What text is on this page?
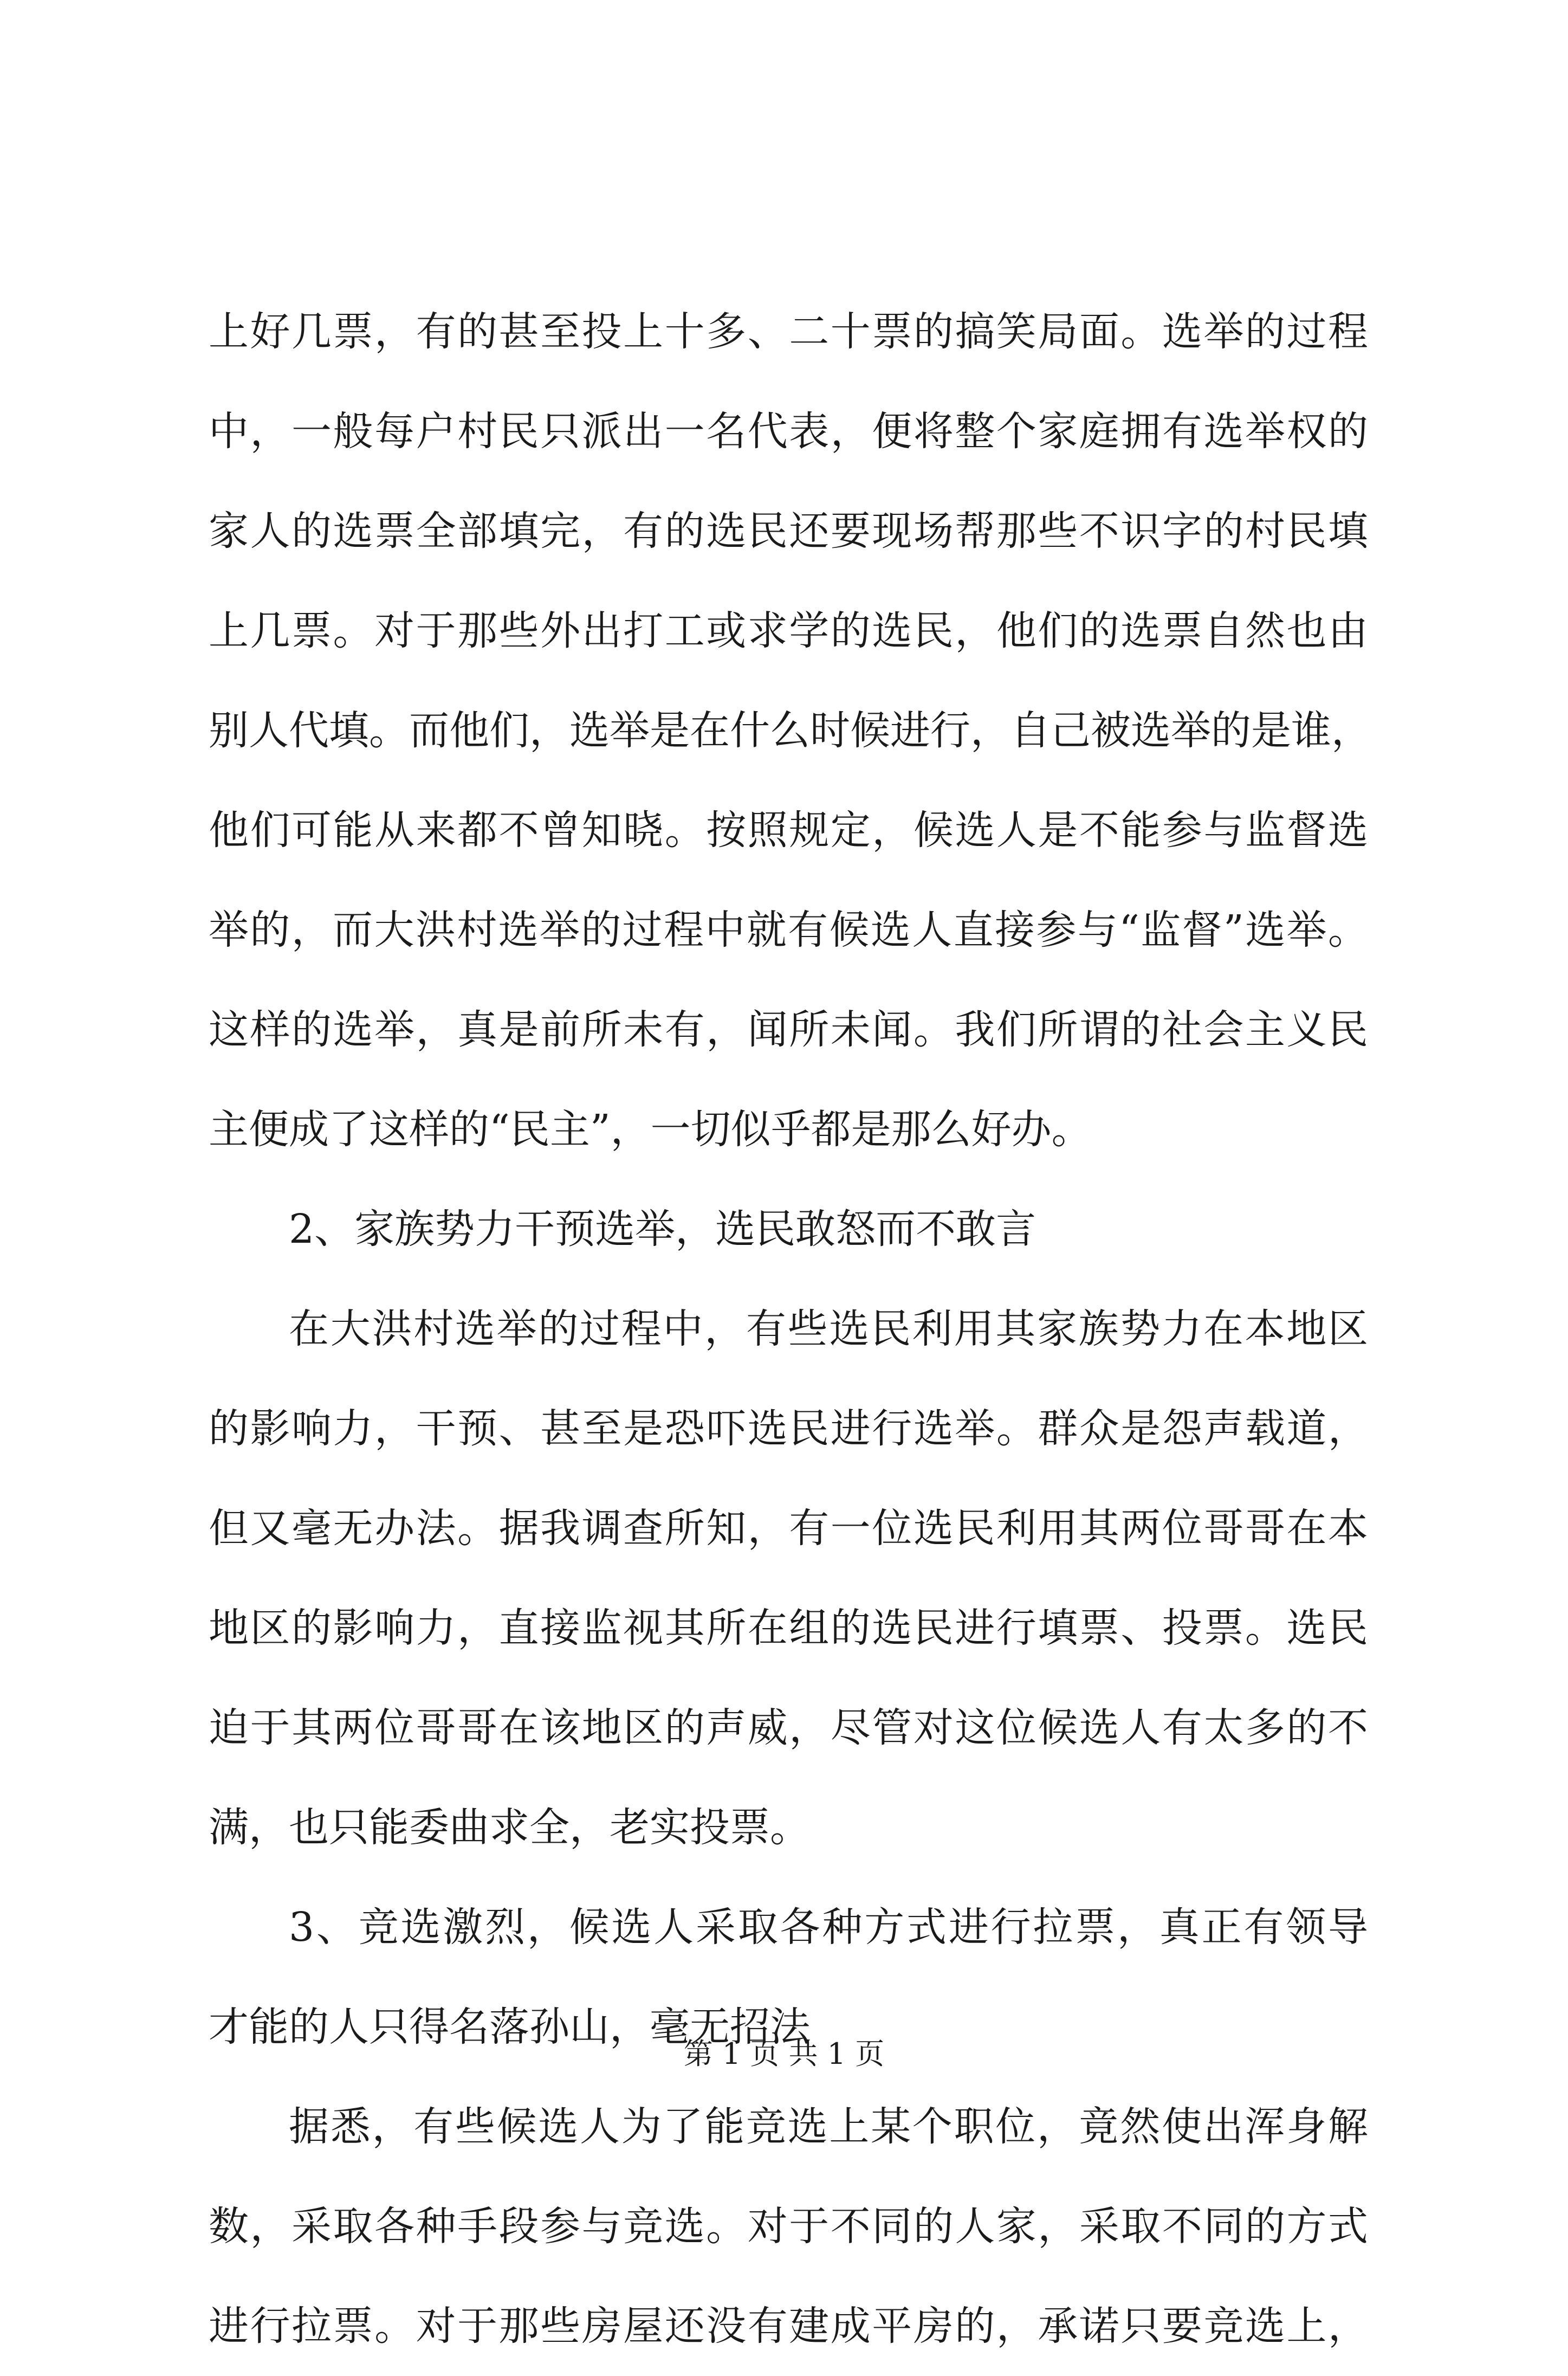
上好几票，有的甚至投上十多、二十票的搞笑局面。选举的过程
中，一般每户村民只派出一名代表，便将整个家庭拥有选举权的
家人的选票全部填完，有的选民还要现场帮那些不识字的村民填
上几票。对于那些外出打工或求学的选民，他们的选票自然也由
别人代填。而他们，选举是在什么时候进行，自己被选举的是谁，
他们可能从来都不曾知晓。按照规定，候选人是不能参与监督选
举的，而大洪村选举的过程中就有候选人直接参与“监督”选举。
这样的选举，真是前所未有，闻所未闻。我们所谓的社会主义民
主便成了这样的“民主”，一切似乎都是那么好办。
2、家族势力干预选举，选民敢怒而不敢言
在大洪村选举的过程中，有些选民利用其家族势力在本地区
的影响力，干预、甚至是恐吓选民进行选举。群众是怨声载道，
但又毫无办法。据我调查所知，有一位选民利用其两位哥哥在本
地区的影响力，直接监视其所在组的选民进行填票、投票。选民
迫于其两位哥哥在该地区的声威，尽管对这位候选人有太多的不
满，也只能委曲求全，老实投票。
3、竞选激烈，候选人采取各种方式进行拉票，真正有领导
才能的人只得名落孙山，毫无招法
据悉，有些候选人为了能竞选上某个职位，竟然使出浑身解
数，采取各种手段参与竞选。对于不同的人家，采取不同的方式
进行拉票。对于那些房屋还没有建成平房的，承诺只要竞选上，
第 1 页 共 1 页
